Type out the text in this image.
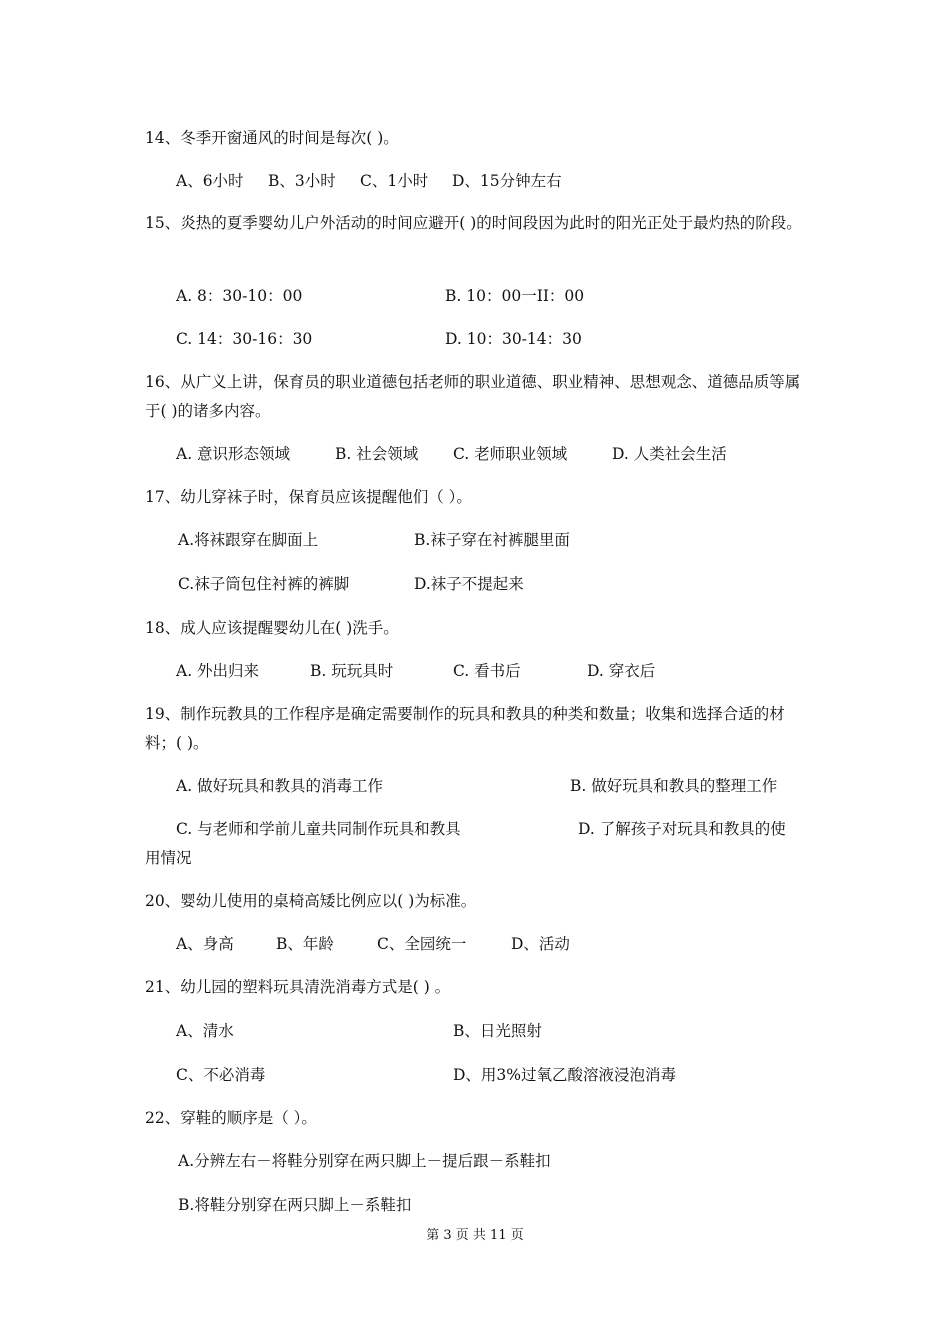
14、冬季开窗通风的时间是每次( )。
A、6小时 B、3小时 C、1小时 D、15分钟左右
15、炎热的夏季婴幼儿户外活动的时间应避开( )的时间段因为此时的阳光正处于最灼热的阶段。
A. 8：30-10：00	B. 10：00一II：00
C. 14：30-16：30	D. 10：30-14：30
16、从广义上讲，保育员的职业道德包括老师的职业道德、职业精神、思想观念、道德品质等属于( )的诸多内容。
A. 意识形态领域	B. 社会领域 C. 老师职业领域	D. 人类社会生活
17、幼儿穿袜子时，保育员应该提醒他们（ ）。
A.将袜跟穿在脚面上	B.袜子穿在衬裤腿里面
C.袜子筒包住衬裤的裤脚	D.袜子不提起来
18、成人应该提醒婴幼儿在( )洗手。
A. 外出归来	B. 玩玩具时	C. 看书后	D. 穿衣后
19、制作玩教具的工作程序是确定需要制作的玩具和教具的种类和数量；收集和选择合适的材料；( )。
A. 做好玩具和教具的消毒工作	B. 做好玩具和教具的整理工作
C. 与老师和学前儿童共同制作玩具和教具	D. 了解孩子对玩具和教具的使
用情况
20、婴幼儿使用的桌椅高矮比例应以( )为标准。
A、身高	B、年龄	C、全园统一	D、活动
21、幼儿园的塑料玩具清洗消毒方式是( ) 。
A、清水	B、日光照射
C、不必消毒	D、用3%过氧乙酸溶液浸泡消毒
22、穿鞋的顺序是（ ）。
A.分辨左右－将鞋分别穿在两只脚上－提后跟－系鞋扣
B.将鞋分别穿在两只脚上－系鞋扣
第 3 页 共 11 页
